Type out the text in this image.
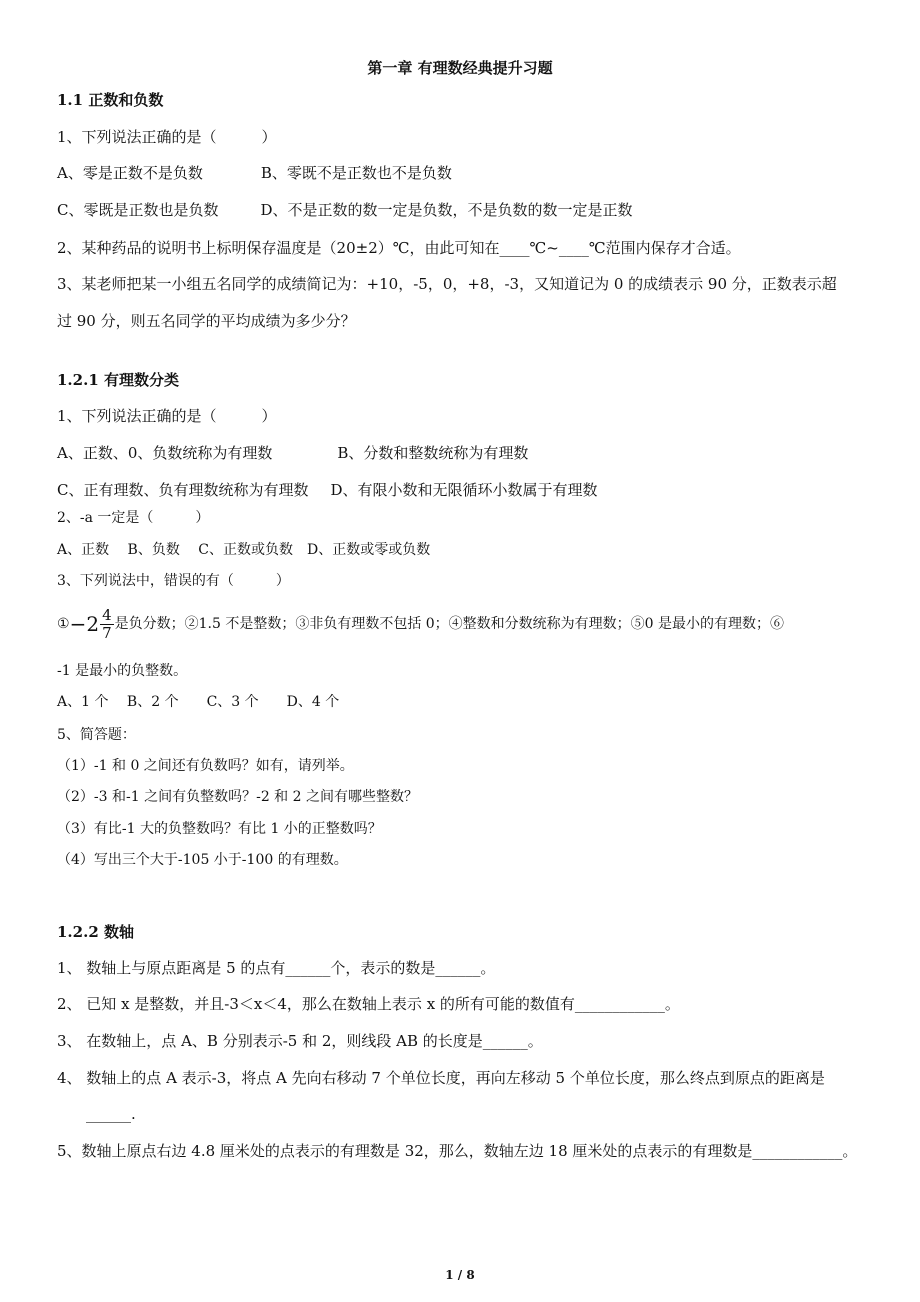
第一章 有理数经典提升习题
1.1 正数和负数
1、下列说法正确的是（　　　）
A、零是正数不是负数	B、零既不是正数也不是负数
C、零既是正数也是负数	D、不是正数的数一定是负数，不是负数的数一定是正数
2、某种药品的说明书上标明保存温度是（20±2）℃，由此可知在____℃~____℃范围内保存才合适。
3、某老师把某一小组五名同学的成绩简记为：+10，-5，0，+8，-3，又知道记为 0 的成绩表示 90 分，正数表示超
过 90 分，则五名同学的平均成绩为多少分？
1.2.1 有理数分类
1、下列说法正确的是（　　　）
A、正数、0、负数统称为有理数	B、分数和整数统称为有理数
C、正有理数、负有理数统称为有理数 D、有限小数和无限循环小数属于有理数
2、-a 一定是（　　　）
A、正数　 B、负数　 C、正数或负数　D、正数或零或负数
3、下列说法中，错误的有（　　　）
① − $2 \frac{4}{7}$ 是负分数；②1.5 不是整数；③非负有理数不包括 0；④整数和分数统称为有理数；⑤0 是最小的有理数；⑥
-1 是最小的负整数。
A、1 个　 B、2 个　　C、3 个　　D、4 个
5、简答题：
（1）-1 和 0 之间还有负数吗？如有，请列举。
（2）-3 和-1 之间有负整数吗？-2 和 2 之间有哪些整数？
（3）有比-1 大的负整数吗？有比 1 小的正整数吗？
（4）写出三个大于-105 小于-100 的有理数。
1.2.2 数轴
1、 数轴上与原点距离是 5 的点有______个，表示的数是______。
2、 已知 x 是整数，并且-3＜x＜4，那么在数轴上表示 x 的所有可能的数值有____________。
3、 在数轴上，点 A、B 分别表示-5 和 2，则线段 AB 的长度是______。
4、 数轴上的点 A 表示-3，将点 A 先向右移动 7 个单位长度，再向左移动 5 个单位长度，那么终点到原点的距离是
______.
5、数轴上原点右边 4.8 厘米处的点表示的有理数是 32，那么，数轴左边 18 厘米处的点表示的有理数是____________。
1 / 8
